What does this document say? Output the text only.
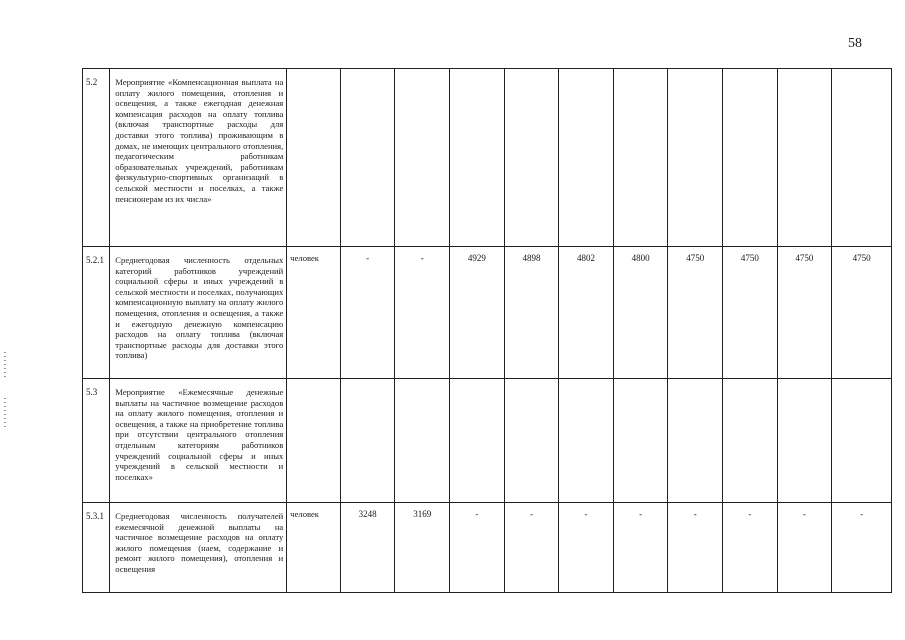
58
5.2	Мероприятие «Компенсационная выплата на оплату жилого помещения, отопления и освещения, а также ежегодная денежная компенсация расходов на оплату топлива (включая транспортные расходы для доставки этого топлива) проживающим в домах, не имеющих центрального отопления, педагогическим работникам образовательных учреждений, работникам физкультурно-спортивных организаций в сельской местности и поселках, а также пенсионерам из их числа»											
5.2.1	Среднегодовая численность отдельных категорий работников учреждений социальной сферы и иных учреждений в сельской местности и поселках, получающих компенсационную выплату на оплату жилого помещения, отопления и освещения, а также и ежегодную денежную компенсацию расходов на оплату топлива (включая транспортные расходы для доставки этого топлива)	человек	-	-	4929	4898	4802	4800	4750	4750	4750	4750
5.3	Мероприятие «Ежемесячные денежные выплаты на частичное возмещение расходов на оплату жилого помещения, отопления и освещения, а также на приобретение топлива при отсутствии центрального отопления отдельным категориям работников учреждений социальной сферы и иных учреждений в сельской местности и поселках»											
5.3.1	Среднегодовая численность получателей ежемесячной денежной выплаты на частичное возмещение расходов на оплату жилого помещения (наем, содержание и ремонт жилого помещения), отопления и освещения	человек	3248	3169	-	-	-	-	-	-	-	-
